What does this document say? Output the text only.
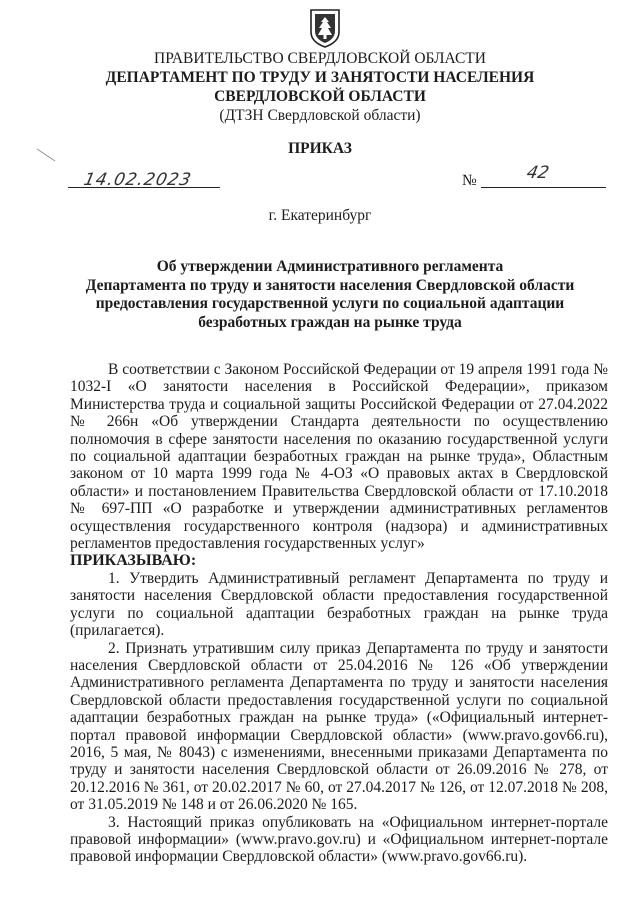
ПРАВИТЕЛЬСТВО СВЕРДЛОВСКОЙ ОБЛАСТИ
ДЕПАРТАМЕНТ ПО ТРУДУ И ЗАНЯТОСТИ НАСЕЛЕНИЯ
СВЕРДЛОВСКОЙ ОБЛАСТИ
(ДТЗН Свердловской области)
ПРИКАЗ
14.02.2023	№	42
г. Екатеринбург
Об утверждении Административного регламента
Департамента по труду и занятости населения Свердловской области
предоставления государственной услуги по социальной адаптации
безработных граждан на рынке труда

В соответствии с Законом Российской Федерации от 19 апреля 1991 года № 1032-I «О занятости населения в Российской Федерации», приказом Министерства труда и социальной защиты Российской Федерации от 27.04.2022 № 266н «Об утверждении Стандарта деятельности по осуществлению полномочия в сфере занятости населения по оказанию государственной услуги по социальной адаптации безработных граждан на рынке труда», Областным законом от 10 марта 1999 года № 4-ОЗ «О правовых актах в Свердловской области» и постановлением Правительства Свердловской области от 17.10.2018 № 697-ПП «О разработке и утверждении административных регламентов осуществления государственного контроля (надзора) и административных регламентов предоставления государственных услуг»

ПРИКАЗЫВАЮ:

1. Утвердить Административный регламент Департамента по труду и занятости населения Свердловской области предоставления государственной услуги по социальной адаптации безработных граждан на рынке труда (прилагается).

2. Признать утратившим силу приказ Департамента по труду и занятости населения Свердловской области от 25.04.2016 № 126 «Об утверждении Административного регламента Департамента по труду и занятости населения Свердловской области предоставления государственной услуги по социальной адаптации безработных граждан на рынке труда» («Официальный интернет-портал правовой информации Свердловской области» (www.pravo.gov66.ru), 2016, 5 мая, № 8043) с изменениями, внесенными приказами Департамента по труду и занятости населения Свердловской области от 26.09.2016 № 278, от 20.12.2016 № 361, от 20.02.2017 № 60, от 27.04.2017 № 126, от 12.07.2018 № 208, от 31.05.2019 № 148 и от 26.06.2020 № 165.

3. Настоящий приказ опубликовать на «Официальном интернет-портале правовой информации» (www.pravo.gov.ru) и «Официальном интернет-портале правовой информации Свердловской области» (www.pravo.gov66.ru).
